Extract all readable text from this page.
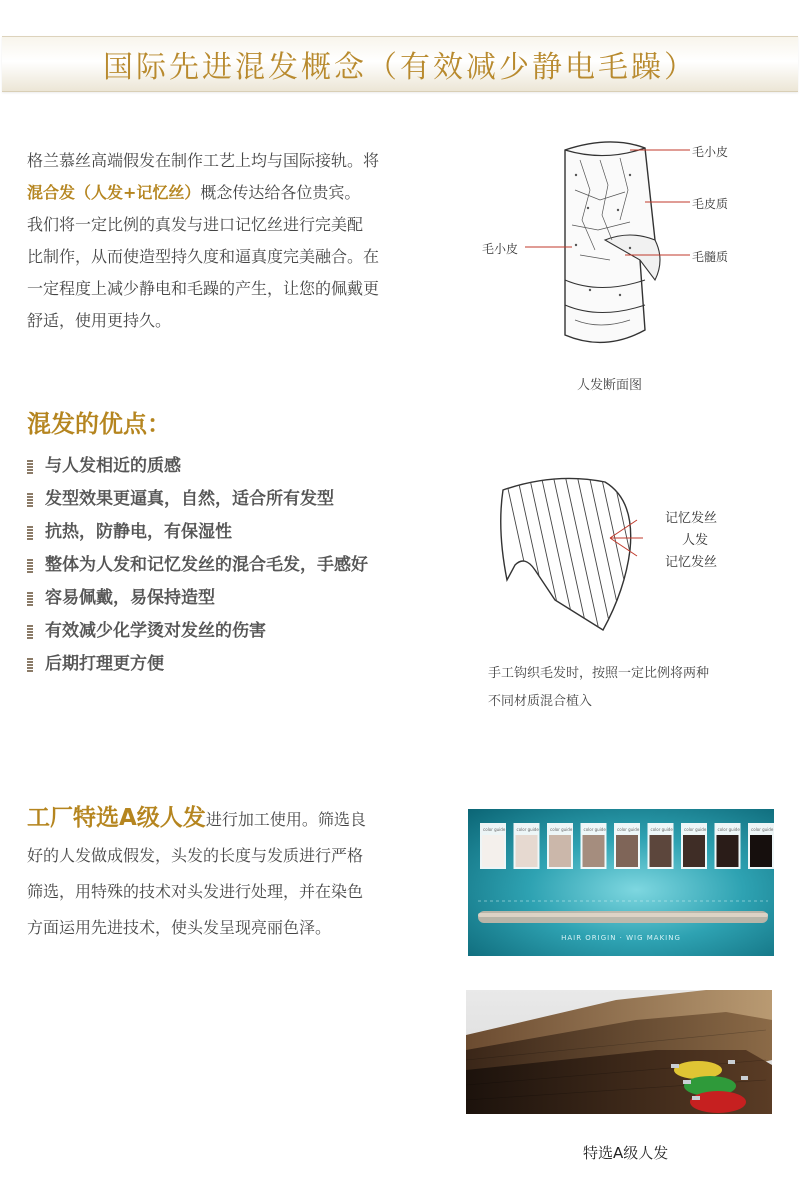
国际先进混发概念（有效减少静电毛躁）

格兰慕丝高端假发在制作工艺上均与国际接轨。将

混合发（人发+记忆丝）概念传达给各位贵宾。

我们将一定比例的真发与进口记忆丝进行完美配

比制作，从而使造型持久度和逼真度完美融合。在

一定程度上减少静电和毛躁的产生，让您的佩戴更

舒适，使用更持久。

毛小皮
毛皮质
毛小皮
毛髓质
人发断面图
混发的优点：
与人发相近的质感
发型效果更逼真，自然，适合所有发型
抗热，防静电，有保湿性
整体为人发和记忆发丝的混合毛发，手感好
容易佩戴，易保持造型
有效减少化学烫对发丝的伤害
后期打理更方便
记忆发丝
人发
记忆发丝
手工钩织毛发时，按照一定比例将两种
不同材质混合植入

工厂特选A级人发进行加工使用。筛选良

好的人发做成假发，头发的长度与发质进行严格

筛选，用特殊的技术对头发进行处理，并在染色

方面运用先进技术，使头发呈现亮丽色泽。

color guide	color guide	color guide	color guide	color guide	color guide	color guide	color guide	color guide
HAIR ORIGIN · WIG MAKING
特选A级人发
